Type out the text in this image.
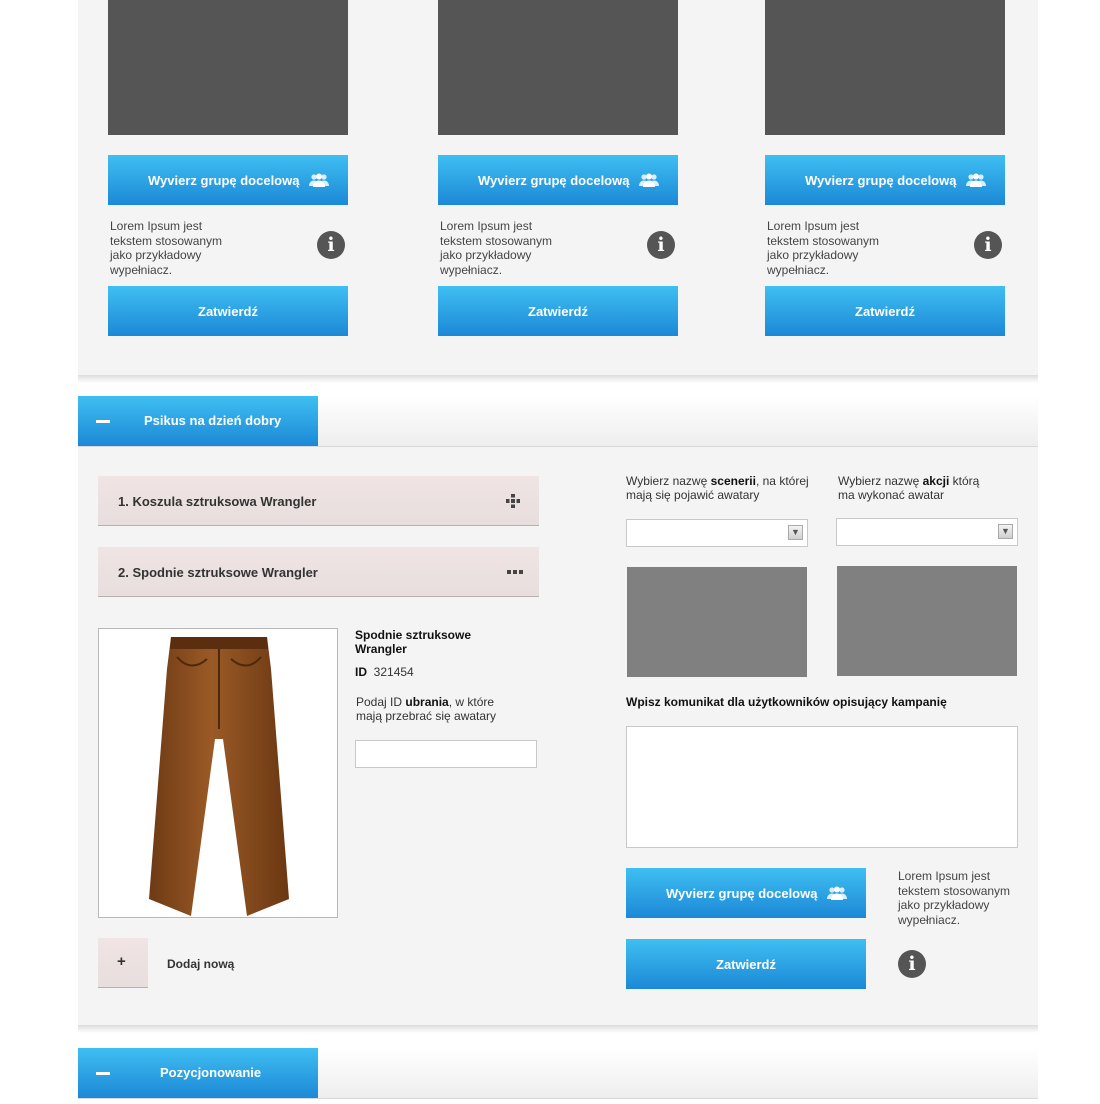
Wyvierz grupę docelową
Lorem Ipsum jest tekstem stosowanym jako przykładowy wypełniacz.
i
Zatwierdź
Wyvierz grupę docelową
Lorem Ipsum jest tekstem stosowanym jako przykładowy wypełniacz.
i
Zatwierdź
Wyvierz grupę docelową
Lorem Ipsum jest tekstem stosowanym jako przykładowy wypełniacz.
i
Zatwierdź
Psikus na dzień dobry
1. Koszula sztruksowa Wrangler
2. Spodnie sztruksowe Wrangler
Spodnie sztruksowe Wrangler
ID 321454
Podaj ID ubrania, w które mają przebrać się awatary
+	Dodaj nową
Wybierz nazwę scenerii, na której mają się pojawić awatary
Wybierz nazwę akcji którą ma wykonać awatar
▼	▼
Wpisz komunikat dla użytkowników opisujący kampanię
Wyvierz grupę docelową
Lorem Ipsum jest tekstem stosowanym jako przykładowy wypełniacz.
Zatwierdź	i
Pozycjonowanie
